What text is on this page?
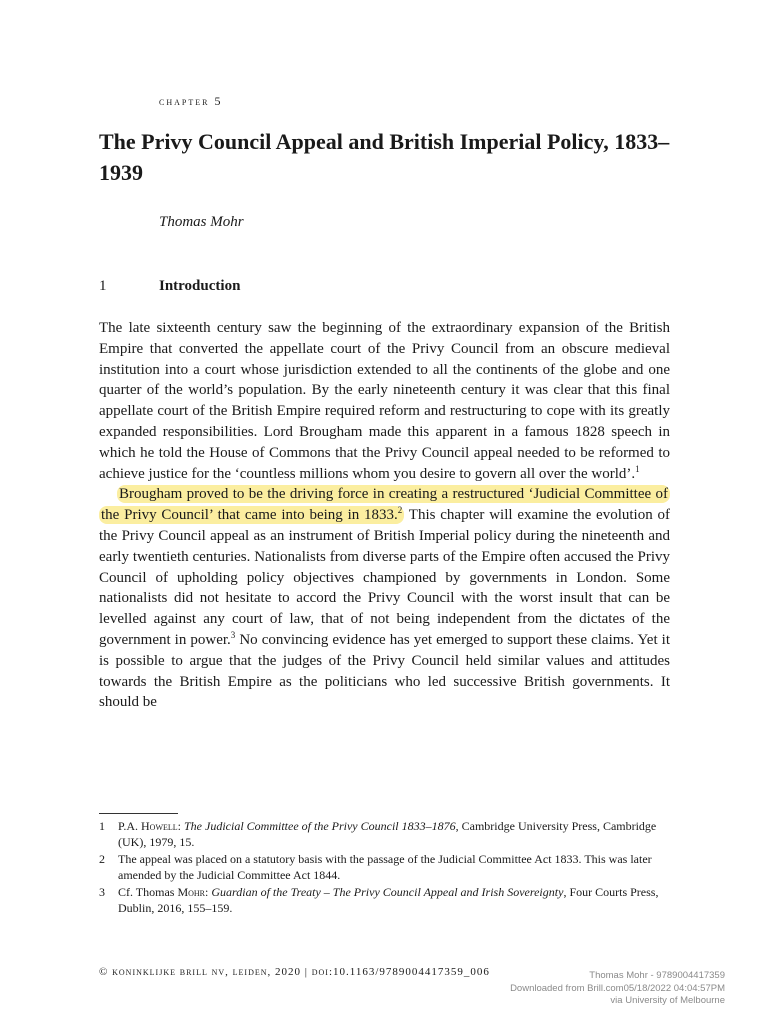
chapter 5
The Privy Council Appeal and British Imperial Policy, 1833–1939
Thomas Mohr
1	Introduction

The late sixteenth century saw the beginning of the extraordinary expansion of the British Empire that converted the appellate court of the Privy Council from an obscure medieval institution into a court whose jurisdiction extended to all the continents of the globe and one quarter of the world’s population. By the early nineteenth century it was clear that this final appellate court of the British Empire required reform and restructuring to cope with its greatly expanded responsibilities. Lord Brougham made this apparent in a famous 1828 speech in which he told the House of Commons that the Privy Council appeal needed to be reformed to achieve justice for the ‘countless millions whom you desire to govern all over the world’.$^1$

Brougham proved to be the driving force in creating a restructured ‘Judicial Committee of the Privy Council’ that came into being in 1833.$^2$ This chapter will examine the evolution of the Privy Council appeal as an instrument of British Imperial policy during the nineteenth and early twentieth centuries. Nationalists from diverse parts of the Empire often accused the Privy Council of upholding policy objectives championed by governments in London. Some nationalists did not hesitate to accord the Privy Council with the worst insult that can be levelled against any court of law, that of not being independent from the dictates of the government in power.$^3$ No convincing evidence has yet emerged to support these claims. Yet it is possible to argue that the judges of the Privy Council held similar values and attitudes towards the British Empire as the politicians who led successive British governments. It should be

1 P.A. Howell: The Judicial Committee of the Privy Council 1833–1876, Cambridge University Press, Cambridge (UK), 1979, 15.
2 The appeal was placed on a statutory basis with the passage of the Judicial Committee Act 1833. This was later amended by the Judicial Committee Act 1844.
3 Cf. Thomas Mohr: Guardian of the Treaty – The Privy Council Appeal and Irish Sovereignty, Four Courts Press, Dublin, 2016, 155–159.
© koninklijke brill nv, leiden, 2020 | doi:10.1163/9789004417359_006	Thomas Mohr - 9789004417359
Downloaded from Brill.com05/18/2022 04:04:57PM
via University of Melbourne
